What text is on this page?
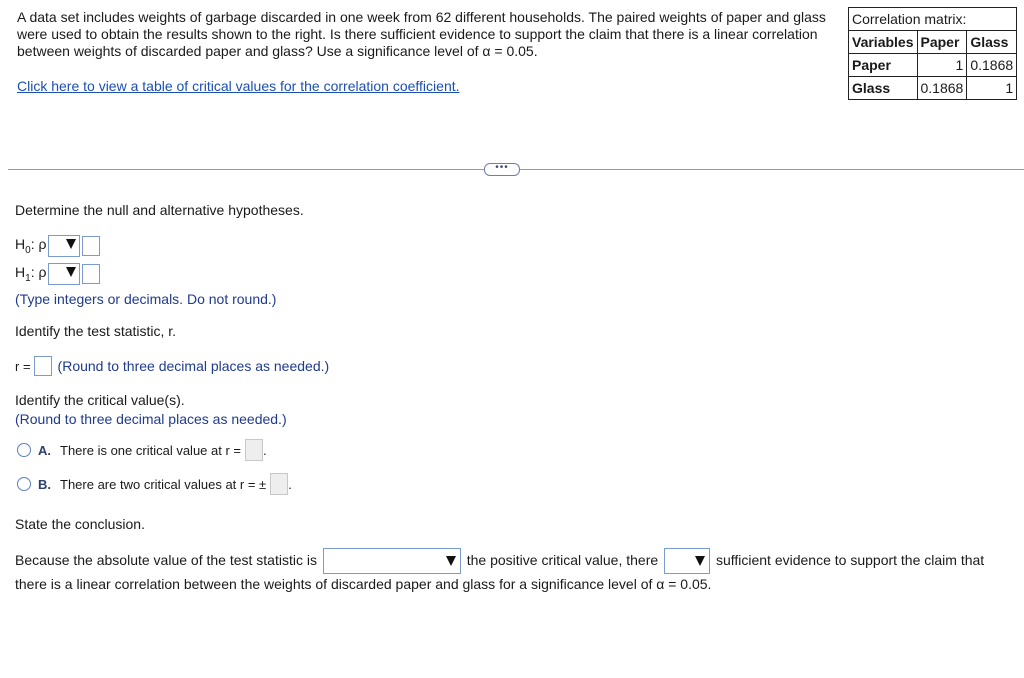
A data set includes weights of garbage discarded in one week from 62 different households. The paired weights of paper and glass were used to obtain the results shown to the right. Is there sufficient evidence to support the claim that there is a linear correlation between weights of discarded paper and glass? Use a significance level of α = 0.05.
Click here to view a table of critical values for the correlation coefficient.
Correlation matrix:		
Variables	Paper	Glass
Paper	1	0.1868
Glass	0.1868	1
•••
Determine the null and alternative hypotheses.
$H_0$: ρ
$H_1$: ρ
(Type integers or decimals. Do not round.)
Identify the test statistic, r.
r = (Round to three decimal places as needed.)
Identify the critical value(s).
(Round to three decimal places as needed.)
A. There is one critical value at r = .
B. There are two critical values at r = ± .
State the conclusion.
Because the absolute value of the test statistic is	the positive critical value, there	sufficient evidence to support the claim that
there is a linear correlation between the weights of discarded paper and glass for a significance level of α = 0.05.
